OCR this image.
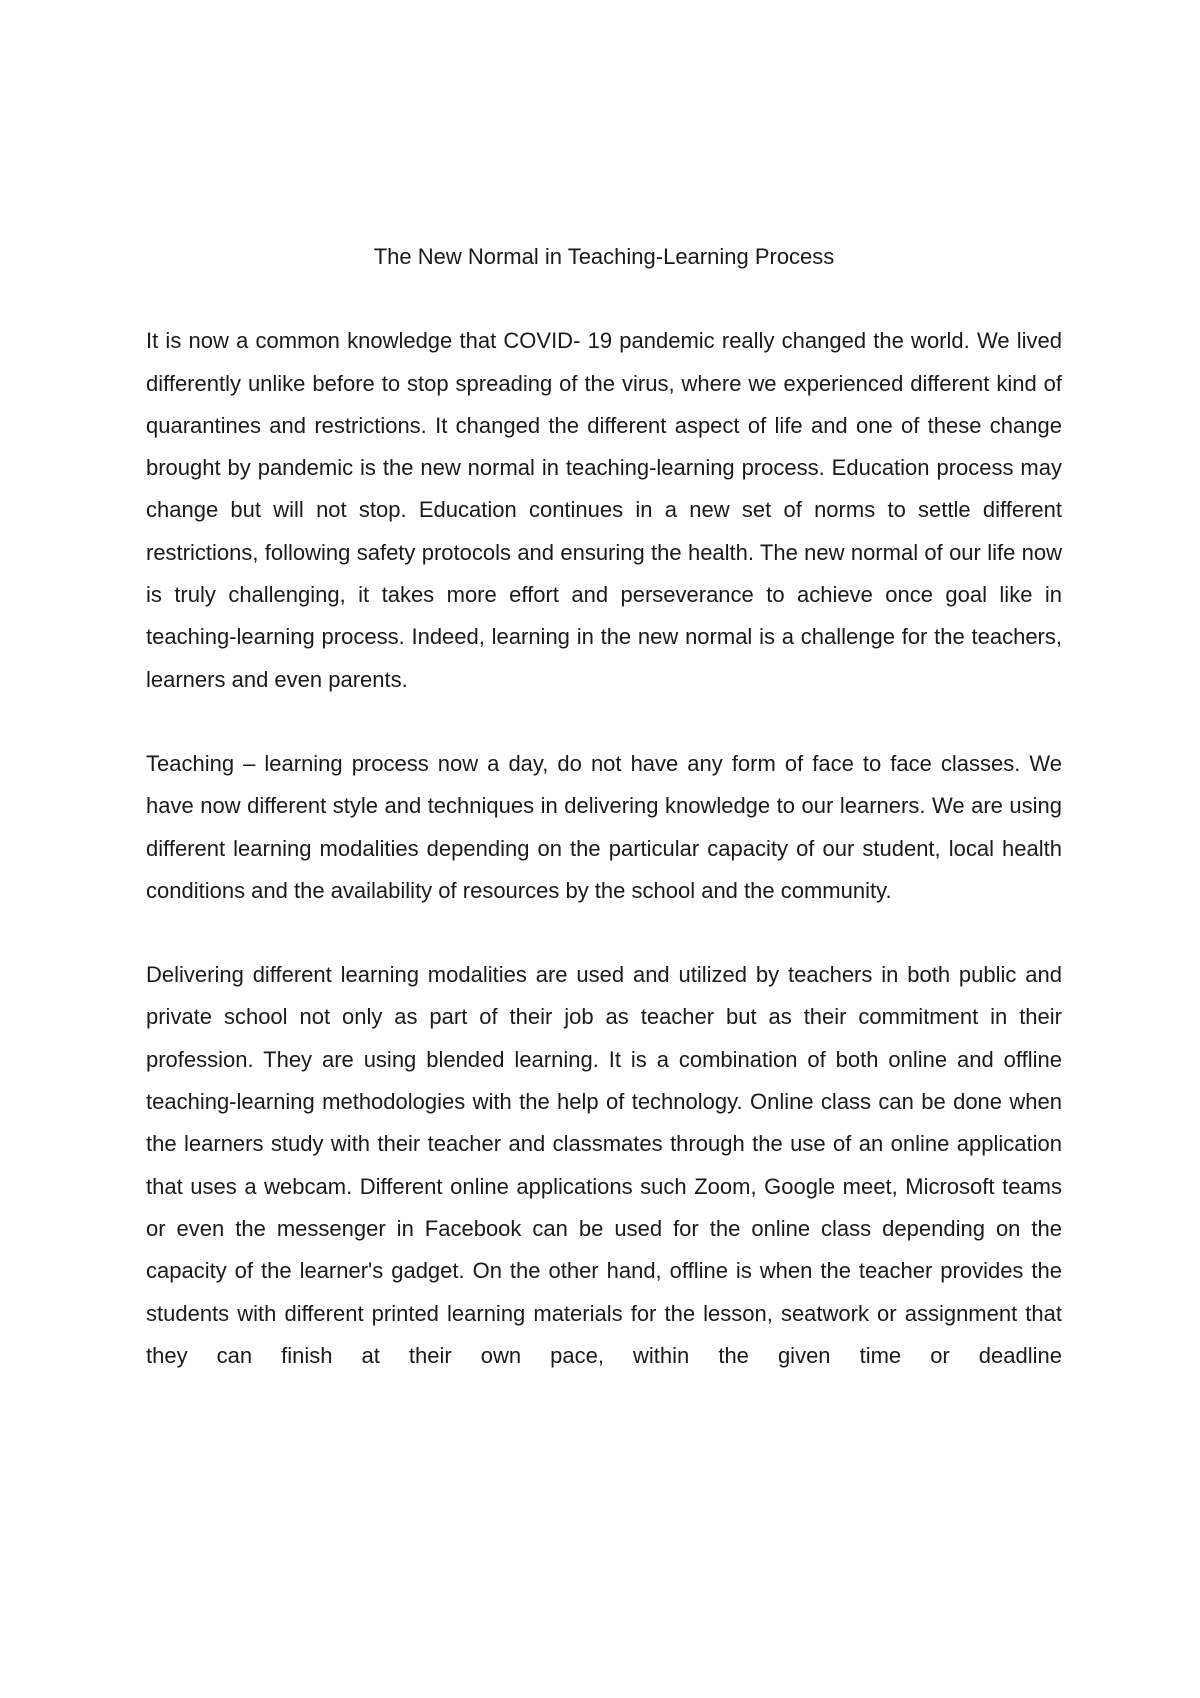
The New Normal in Teaching-Learning Process

It is now a common knowledge that COVID- 19 pandemic really changed the world. We lived differently unlike before to stop spreading of the virus, where we experienced different kind of quarantines and restrictions. It changed the different aspect of life and one of these change brought by pandemic is the new normal in teaching-learning process. Education process may change but will not stop. Education continues in a new set of norms to settle different restrictions, following safety protocols and ensuring the health. The new normal of our life now is truly challenging, it takes more effort and perseverance to achieve once goal like in teaching-learning process. Indeed, learning in the new normal is a challenge for the teachers, learners and even parents.

Teaching – learning process now a day, do not have any form of face to face classes. We have now different style and techniques in delivering knowledge to our learners. We are using different learning modalities depending on the particular capacity of our student, local health conditions and the availability of resources by the school and the community.

Delivering different learning modalities are used and utilized by teachers in both public and private school not only as part of their job as teacher but as their commitment in their profession. They are using blended learning. It is a combination of both online and offline teaching-learning methodologies with the help of technology. Online class can be done when the learners study with their teacher and classmates through the use of an online application that uses a webcam. Different online applications such Zoom, Google meet, Microsoft teams or even the messenger in Facebook can be used for the online class depending on the capacity of the learner's gadget. On the other hand, offline is when the teacher provides the students with different printed learning materials for the lesson, seatwork or assignment that they can finish at their own pace, within the given time or deadline
